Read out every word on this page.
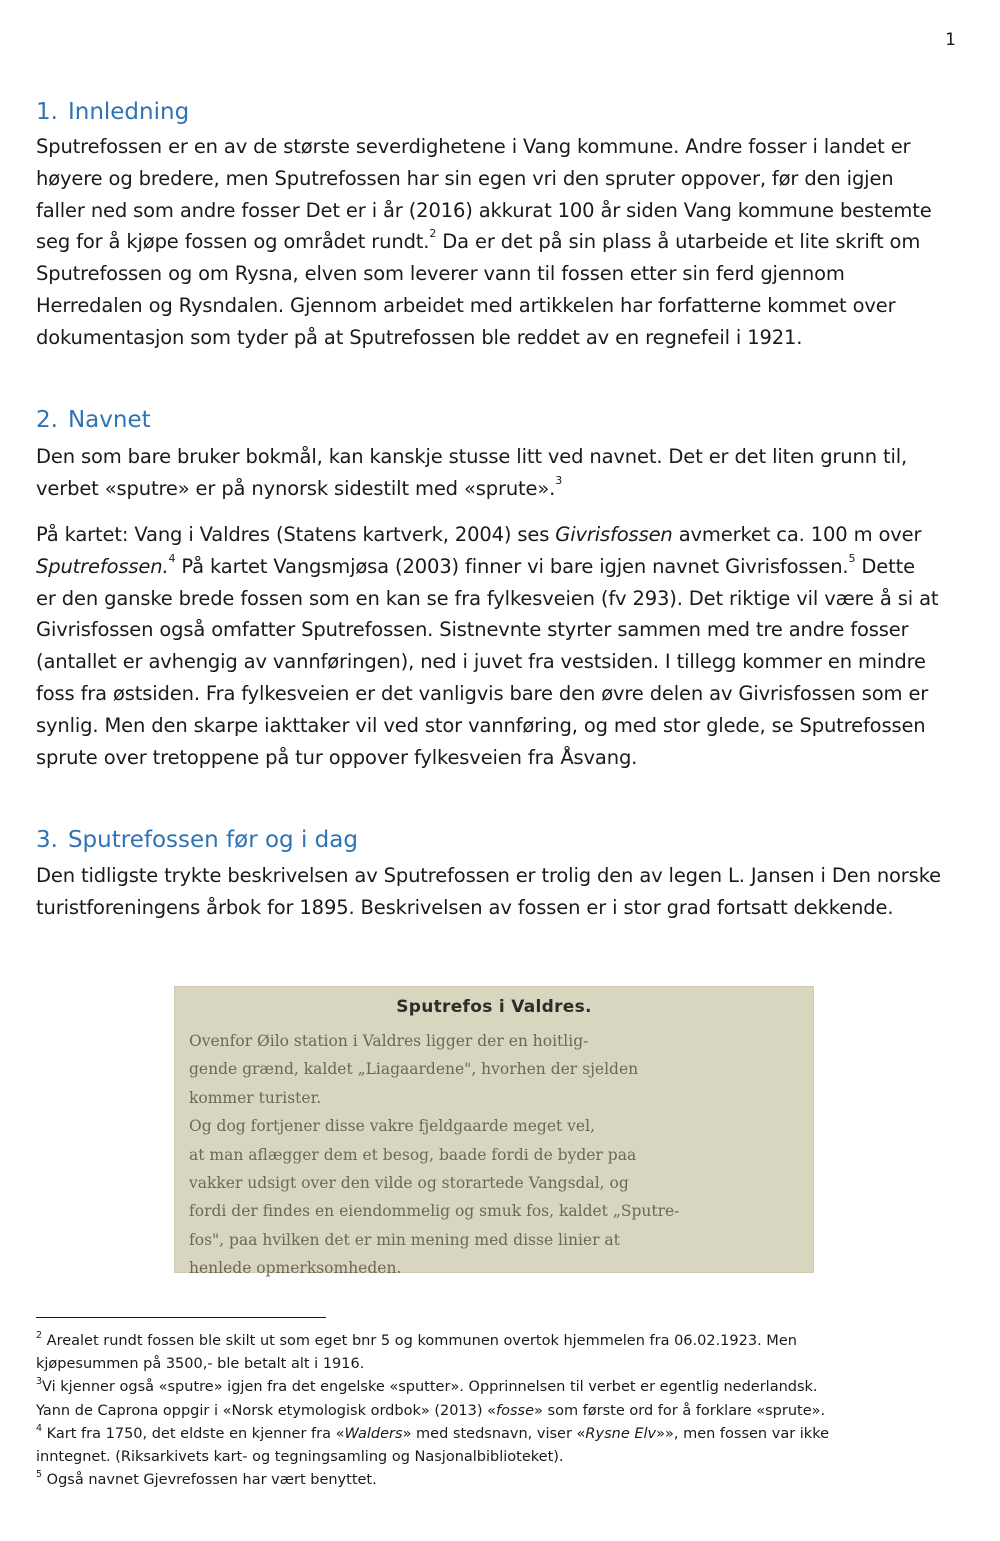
1
1. Innledning

Sputrefossen er en av de største severdighetene i Vang kommune. Andre fosser i landet er
høyere og bredere, men Sputrefossen har sin egen vri den spruter oppover, før den igjen
faller ned som andre fosser Det er i år (2016) akkurat 100 år siden Vang kommune bestemte
seg for å kjøpe fossen og området rundt.$^2$ Da er det på sin plass å utarbeide et lite skrift om
Sputrefossen og om Rysna, elven som leverer vann til fossen etter sin ferd gjennom
Herredalen og Rysndalen. Gjennom arbeidet med artikkelen har forfatterne kommet over
dokumentasjon som tyder på at Sputrefossen ble reddet av en regnefeil i 1921.

2. Navnet

Den som bare bruker bokmål, kan kanskje stusse litt ved navnet. Det er det liten grunn til,
verbet «sputre» er på nynorsk sidestilt med «sprute».$^3$

På kartet: Vang i Valdres (Statens kartverk, 2004) ses Givrisfossen avmerket ca. 100 m over
Sputrefossen.$^4$ På kartet Vangsmjøsa (2003) finner vi bare igjen navnet Givrisfossen.$^5$ Dette
er den ganske brede fossen som en kan se fra fylkesveien (fv 293). Det riktige vil være å si at
Givrisfossen også omfatter Sputrefossen. Sistnevnte styrter sammen med tre andre fosser
(antallet er avhengig av vannføringen), ned i juvet fra vestsiden. I tillegg kommer en mindre
foss fra østsiden. Fra fylkesveien er det vanligvis bare den øvre delen av Givrisfossen som er
synlig. Men den skarpe iakttaker vil ved stor vannføring, og med stor glede, se Sputrefossen
sprute over tretoppene på tur oppover fylkesveien fra Åsvang.

3. Sputrefossen før og i dag

Den tidligste trykte beskrivelsen av Sputrefossen er trolig den av legen L. Jansen i Den norske
turistforeningens årbok for 1895. Beskrivelsen av fossen er i stor grad fortsatt dekkende.

Sputrefos i Valdres.
Ovenfor Øilo station i Valdres ligger der en hoitlig-
gende grænd, kaldet „Liagaardene", hvorhen der sjelden
kommer turister.
Og dog fortjener disse vakre fjeldgaarde meget vel,
at man aflægger dem et besog, baade fordi de byder paa
vakker udsigt over den vilde og storartede Vangsdal, og
fordi der findes en eiendommelig og smuk fos, kaldet „Sputre-
fos", paa hvilken det er min mening med disse linier at
henlede opmerksomheden.

$^2$ Arealet rundt fossen ble skilt ut som eget bnr 5 og kommunen overtok hjemmelen fra 06.02.1923. Men
kjøpesummen på 3500,- ble betalt alt i 1916.

$^3$Vi kjenner også «sputre» igjen fra det engelske «sputter». Opprinnelsen til verbet er egentlig nederlandsk.
Yann de Caprona oppgir i «Norsk etymologisk ordbok» (2013) «fosse» som første ord for å forklare «sprute».

$^4$ Kart fra 1750, det eldste en kjenner fra «Walders» med stedsnavn, viser «Rysne Elv»», men fossen var ikke
inntegnet. (Riksarkivets kart- og tegningsamling og Nasjonalbiblioteket).

$^5$ Også navnet Gjevrefossen har vært benyttet.
